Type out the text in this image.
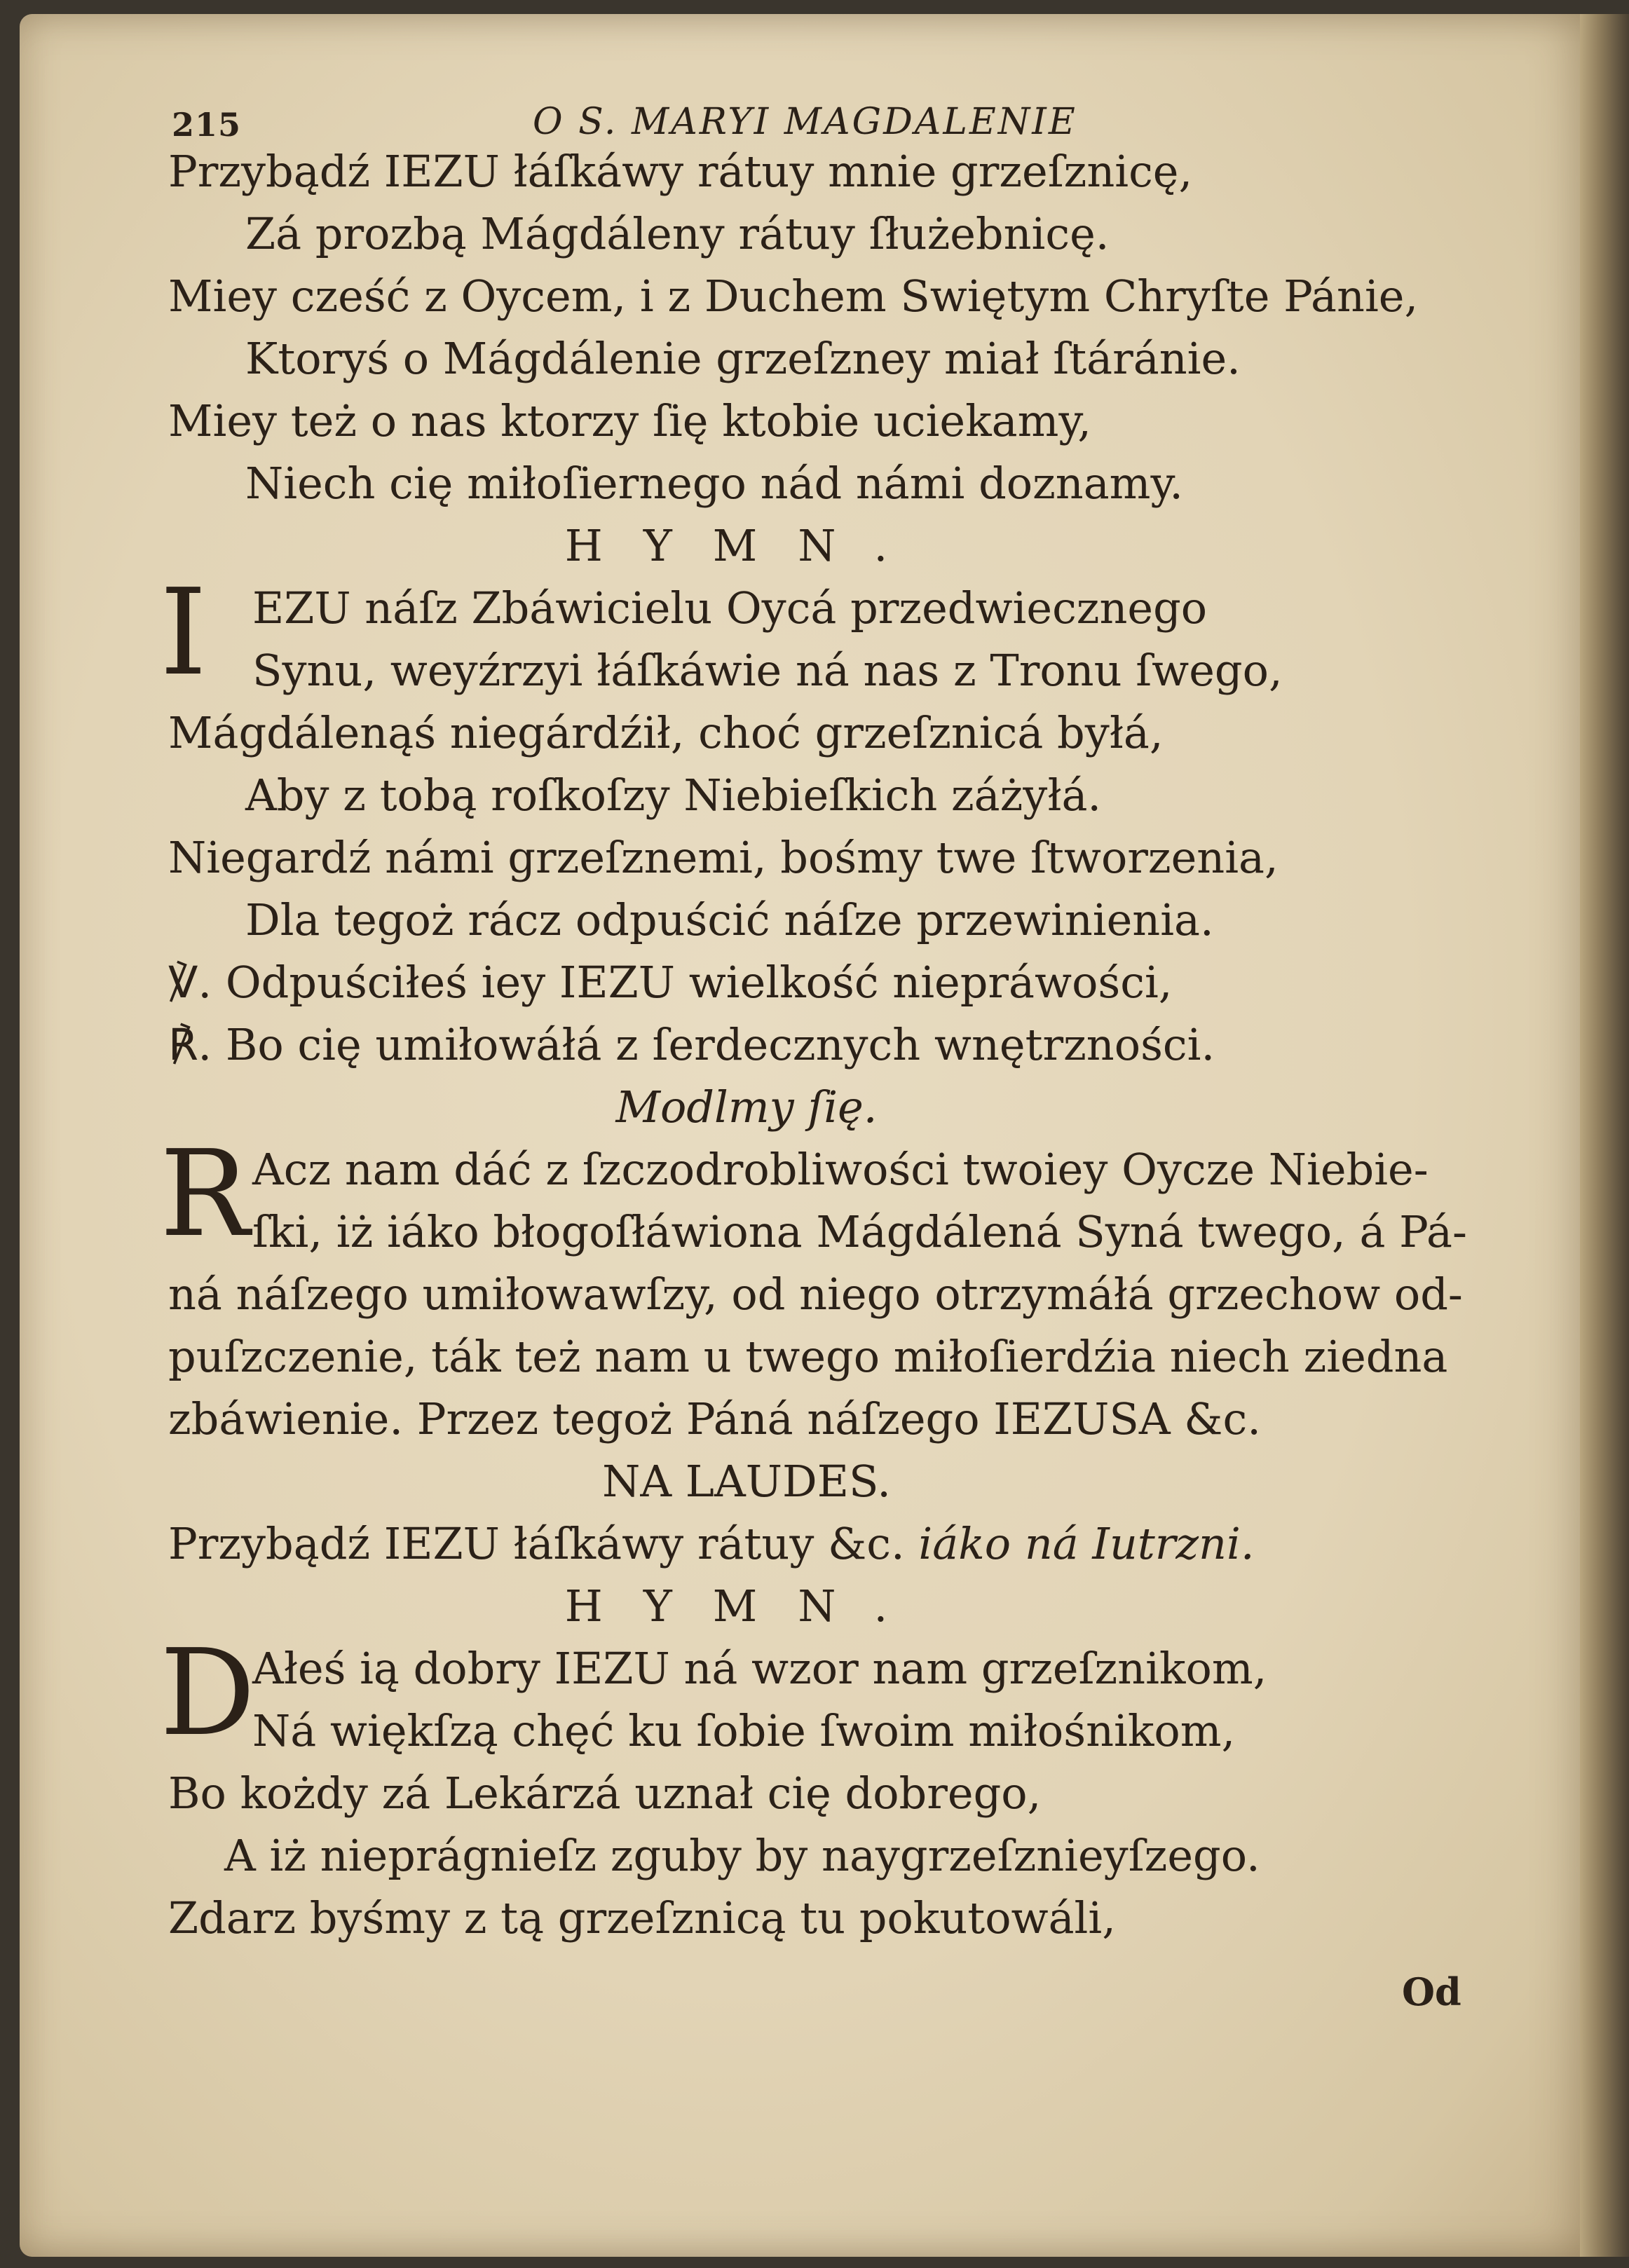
215	O S. MARYI MAGDALENIE
Przybądź IEZU łáſkáwy rátuy mnie grzeſznicę,
Zá prozbą Mágdáleny rátuy ſłużebnicę.
Miey cześć z Oycem, i z Duchem Swiętym Chryſte Pánie,
Ktoryś o Mágdálenie grzeſzney miał ſtáránie.
Miey też o nas ktorzy ſię ktobie uciekamy,
Niech cię miłoſiernego nád námi doznamy.
HYMN.
I	EZU náſz Zbáwicielu Oycá przedwiecznego
Synu, weyźrzyi łáſkáwie ná nas z Tronu ſwego,
Mágdálenąś niegárdźił, choć grzeſznicá byłá,
Aby z tobą roſkoſzy Niebieſkich záżyłá.
Niegardź námi grzeſznemi, bośmy twe ſtworzenia,
Dla tegoż rácz odpuścić náſze przewinienia.
℣. Odpuściłeś iey IEZU wielkość niepráwości,
℟. Bo cię umiłowáłá z ſerdecznych wnętrzności.
Modlmy ſię.
R Acz nam dáć z ſzczodrobliwości twoiey Oycze Niebie-
ſki, iż iáko błogoſłáwiona Mágdálená Syná twego, á Pá-
ná náſzego umiłowawſzy, od niego otrzymáłá grzechow od-
puſzczenie, ták też nam u twego miłoſierdźia niech ziedna
zbáwienie. Przez tegoż Páná náſzego IEZUSA &c.
NA LAUDES.
Przybądź IEZU łáſkáwy rátuy &c. iáko ná Iutrzni.
HYMN.
D
Ałeś ią dobry IEZU ná wzor nam grzeſznikom,
Ná więkſzą chęć ku ſobie ſwoim miłośnikom,
Bo kożdy zá Lekárzá uznał cię dobrego,
A iż nieprágnieſz zguby by naygrzeſznieyſzego.
Zdarz byśmy z tą grzeſznicą tu pokutowáli,
Od
